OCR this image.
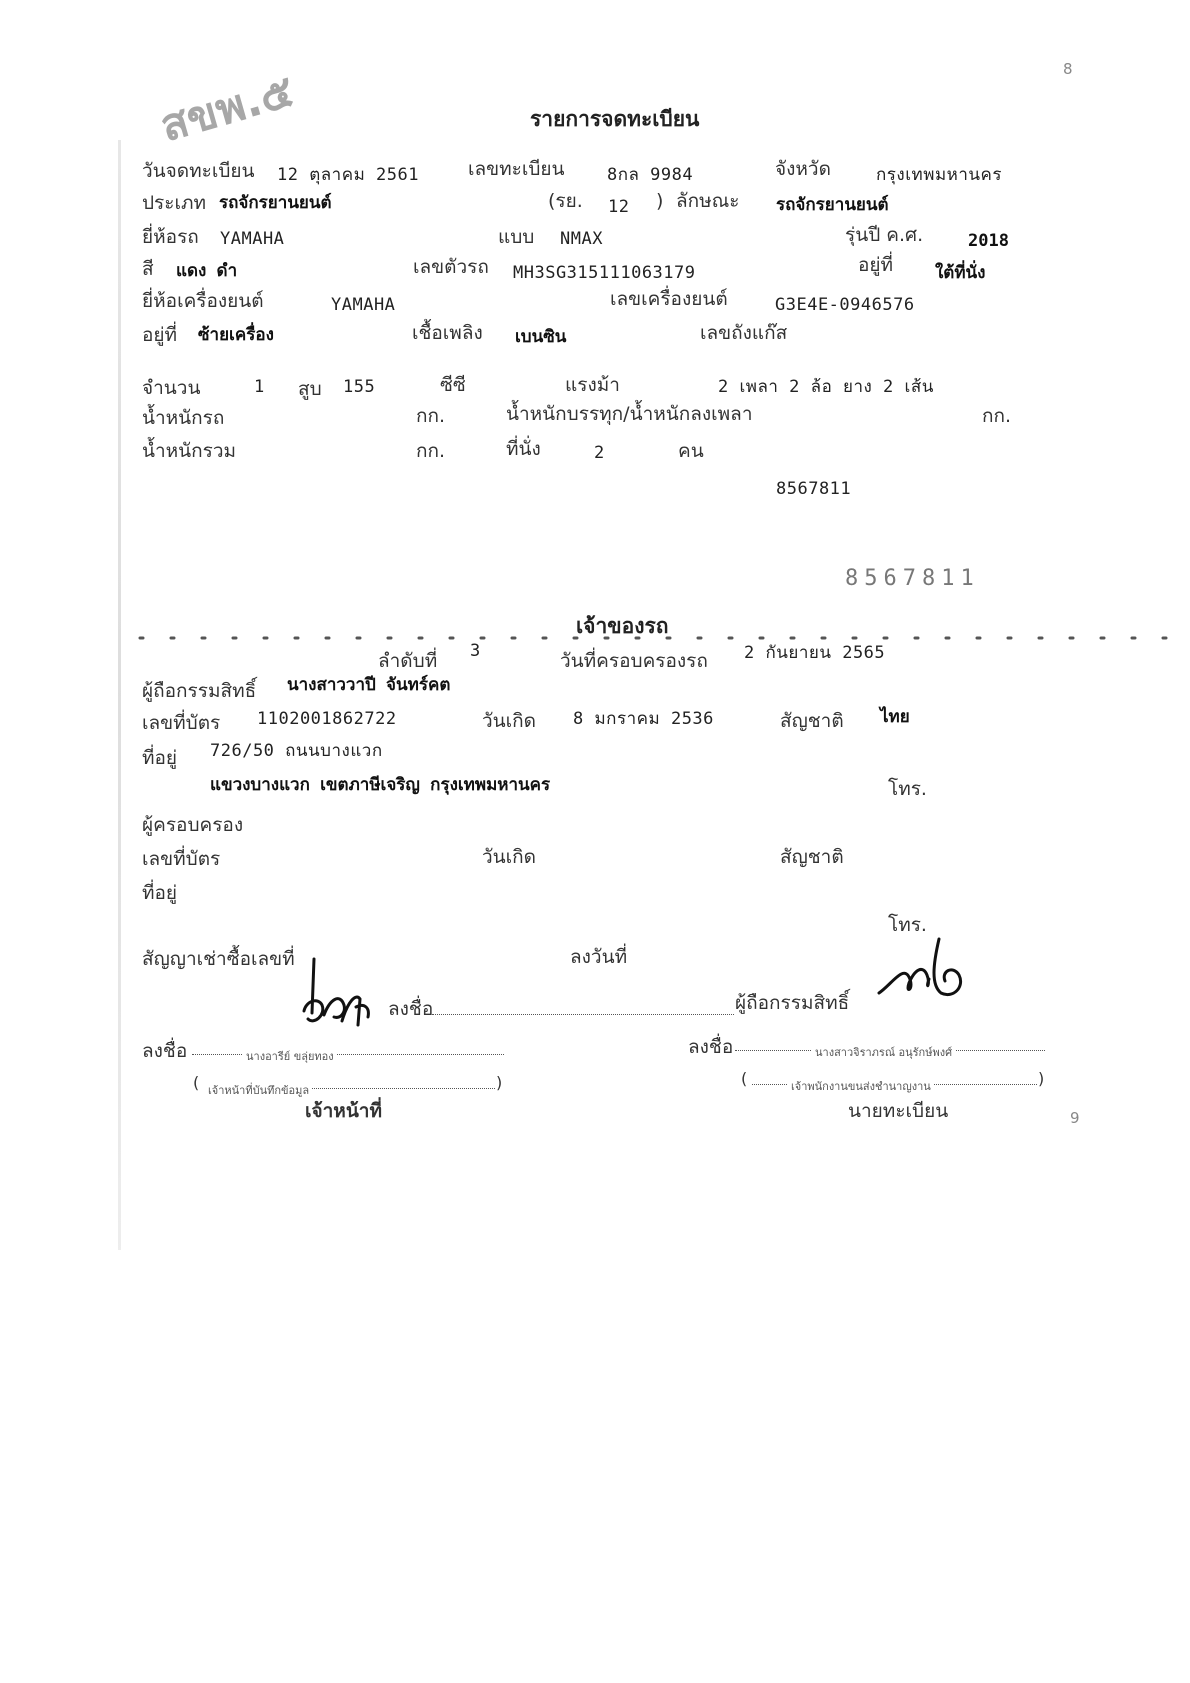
8
9
สขพ.๕	รายการจดทะเบียน
วันจดทะเบียน 12 ตุลาคม 2561	เลขทะเบียน 8กล 9984	จังหวัด	กรุงเทพมหานคร
ประเภท รถจักรยานยนต์	(รย. 12 ) ลักษณะ รถจักรยานยนต์
ยี่ห้อรถ YAMAHA	แบบ NMAX	รุ่นปี ค.ศ.	2018
สี แดง ดำ	เลขตัวรถ MH3SG315111063179	อยู่ที่ ใต้ที่นั่ง
ยี่ห้อเครื่องยนต์	YAMAHA	เลขเครื่องยนต์	G3E4E-0946576
อยู่ที่ ซ้ายเครื่อง	เชื้อเพลิง เบนซิน	เลขถังแก๊ส
จำนวน	1 สูบ 155	ซีซี	แรงม้า	2 เพลา 2 ล้อ ยาง 2 เส้น
น้ำหนักรถ	กก.	น้ำหนักบรรทุก/น้ำหนักลงเพลา	กก.
น้ำหนักรวม	กก.	ที่นั่ง	2	คน
8567811
8567811
เจ้าของรถ
ลำดับที่ 3	วันที่ครอบครองรถ 2 กันยายน 2565
ผู้ถือกรรมสิทธิ์ นางสาววาปี จันทร์คต
เลขที่บัตร 1102001862722	วันเกิด 8 มกราคม 2536	สัญชาติ ไทย
ที่อยู่ 726/50 ถนนบางแวก
แขวงบางแวก เขตภาษีเจริญ กรุงเทพมหานคร	โทร.
ผู้ครอบครอง
เลขที่บัตร	วันเกิด	สัญชาติ
ที่อยู่
โทร.
สัญญาเช่าซื้อเลขที่	ลงวันที่
ลงชื่อ	ผู้ถือกรรมสิทธิ์
ลงชื่อ	นางอารีย์ ขลุ่ยทอง
( เจ้าหน้าที่บันทึกข้อมูล	)
เจ้าหน้าที่
ลงชื่อ	นางสาวจิราภรณ์ อนุรักษ์พงศ์
(	เจ้าพนักงานขนส่งชำนาญงาน	)
นายทะเบียน
